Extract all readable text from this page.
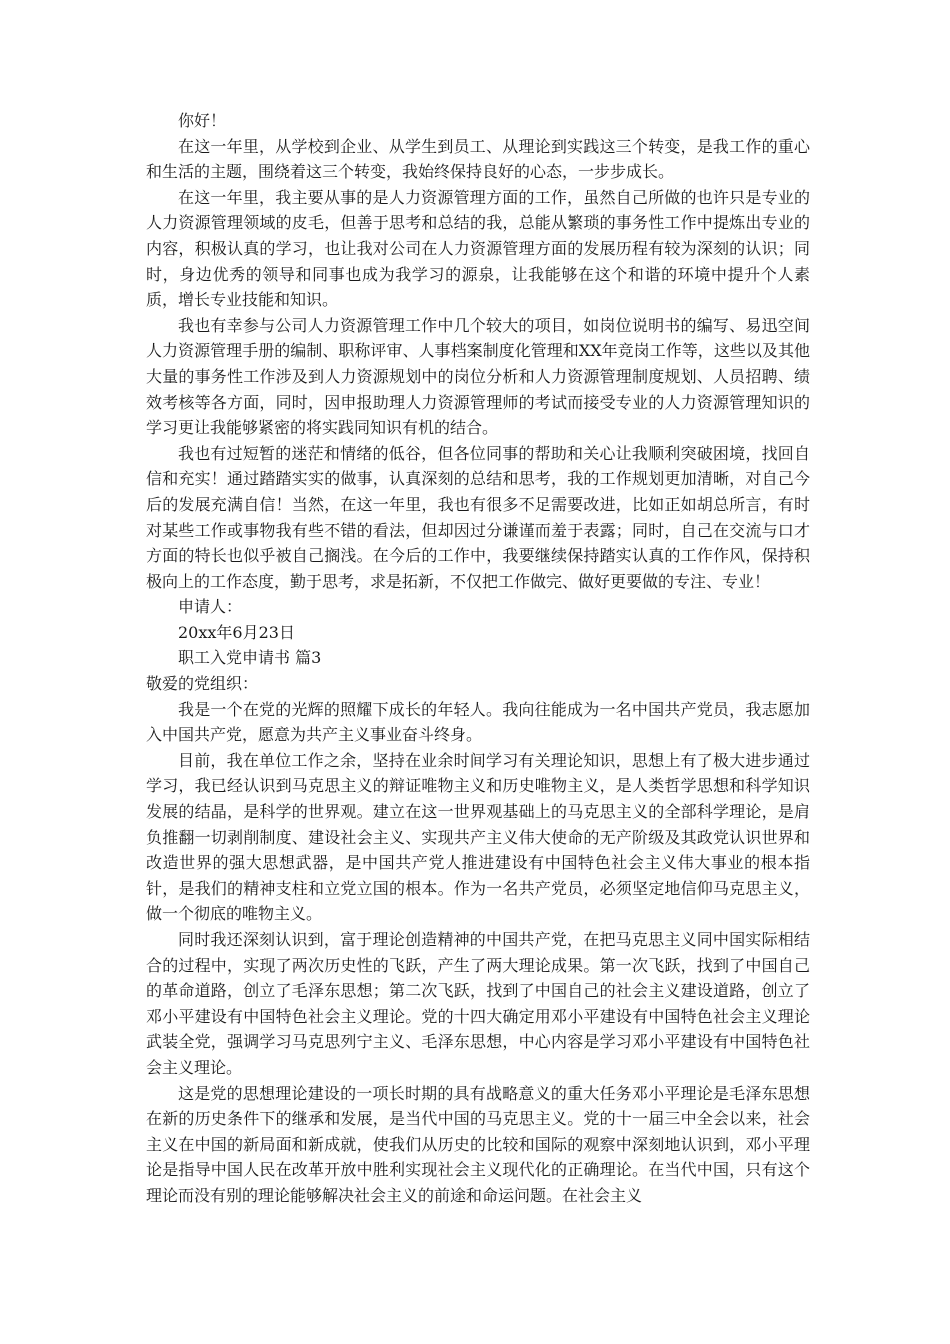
你好！

在这一年里，从学校到企业、从学生到员工、从理论到实践这三个转变，是我工作的重心和生活的主题，围绕着这三个转变，我始终保持良好的心态，一步步成长。

在这一年里，我主要从事的是人力资源管理方面的工作，虽然自己所做的也许只是专业的人力资源管理领域的皮毛，但善于思考和总结的我，总能从繁琐的事务性工作中提炼出专业的内容，积极认真的学习，也让我对公司在人力资源管理方面的发展历程有较为深刻的认识；同时，身边优秀的领导和同事也成为我学习的源泉，让我能够在这个和谐的环境中提升个人素质，增长专业技能和知识。

我也有幸参与公司人力资源管理工作中几个较大的项目，如岗位说明书的编写、易迅空间人力资源管理手册的编制、职称评审、人事档案制度化管理和XX年竞岗工作等，这些以及其他大量的事务性工作涉及到人力资源规划中的岗位分析和人力资源管理制度规划、人员招聘、绩效考核等各方面，同时，因申报助理人力资源管理师的考试而接受专业的人力资源管理知识的学习更让我能够紧密的将实践同知识有机的结合。

我也有过短暂的迷茫和情绪的低谷，但各位同事的帮助和关心让我顺利突破困境，找回自信和充实！通过踏踏实实的做事，认真深刻的总结和思考，我的工作规划更加清晰，对自己今后的发展充满自信！当然，在这一年里，我也有很多不足需要改进，比如正如胡总所言，有时对某些工作或事物我有些不错的看法，但却因过分谦谨而羞于表露；同时，自己在交流与口才方面的特长也似乎被自己搁浅。在今后的工作中，我要继续保持踏实认真的工作作风，保持积极向上的工作态度，勤于思考，求是拓新，不仅把工作做完、做好更要做的专注、专业！

申请人：

20xx年6月23日

职工入党申请书 篇3

敬爱的党组织：

我是一个在党的光辉的照耀下成长的年轻人。我向往能成为一名中国共产党员，我志愿加入中国共产党，愿意为共产主义事业奋斗终身。

目前，我在单位工作之余，坚持在业余时间学习有关理论知识，思想上有了极大进步通过学习，我已经认识到马克思主义的辩证唯物主义和历史唯物主义，是人类哲学思想和科学知识发展的结晶，是科学的世界观。建立在这一世界观基础上的马克思主义的全部科学理论，是肩负推翻一切剥削制度、建设社会主义、实现共产主义伟大使命的无产阶级及其政党认识世界和改造世界的强大思想武器，是中国共产党人推进建设有中国特色社会主义伟大事业的根本指针，是我们的精神支柱和立党立国的根本。作为一名共产党员，必须坚定地信仰马克思主义，做一个彻底的唯物主义。

同时我还深刻认识到，富于理论创造精神的中国共产党，在把马克思主义同中国实际相结合的过程中，实现了两次历史性的飞跃，产生了两大理论成果。第一次飞跃，找到了中国自己的革命道路，创立了毛泽东思想；第二次飞跃，找到了中国自己的社会主义建设道路，创立了邓小平建设有中国特色社会主义理论。党的十四大确定用邓小平建设有中国特色社会主义理论武装全党，强调学习马克思列宁主义、毛泽东思想，中心内容是学习邓小平建设有中国特色社会主义理论。

这是党的思想理论建设的一项长时期的具有战略意义的重大任务邓小平理论是毛泽东思想在新的历史条件下的继承和发展，是当代中国的马克思主义。党的十一届三中全会以来，社会主义在中国的新局面和新成就，使我们从历史的比较和国际的观察中深刻地认识到，邓小平理论是指导中国人民在改革开放中胜利实现社会主义现代化的正确理论。在当代中国，只有这个理论而没有别的理论能够解决社会主义的前途和命运问题。在社会主义
